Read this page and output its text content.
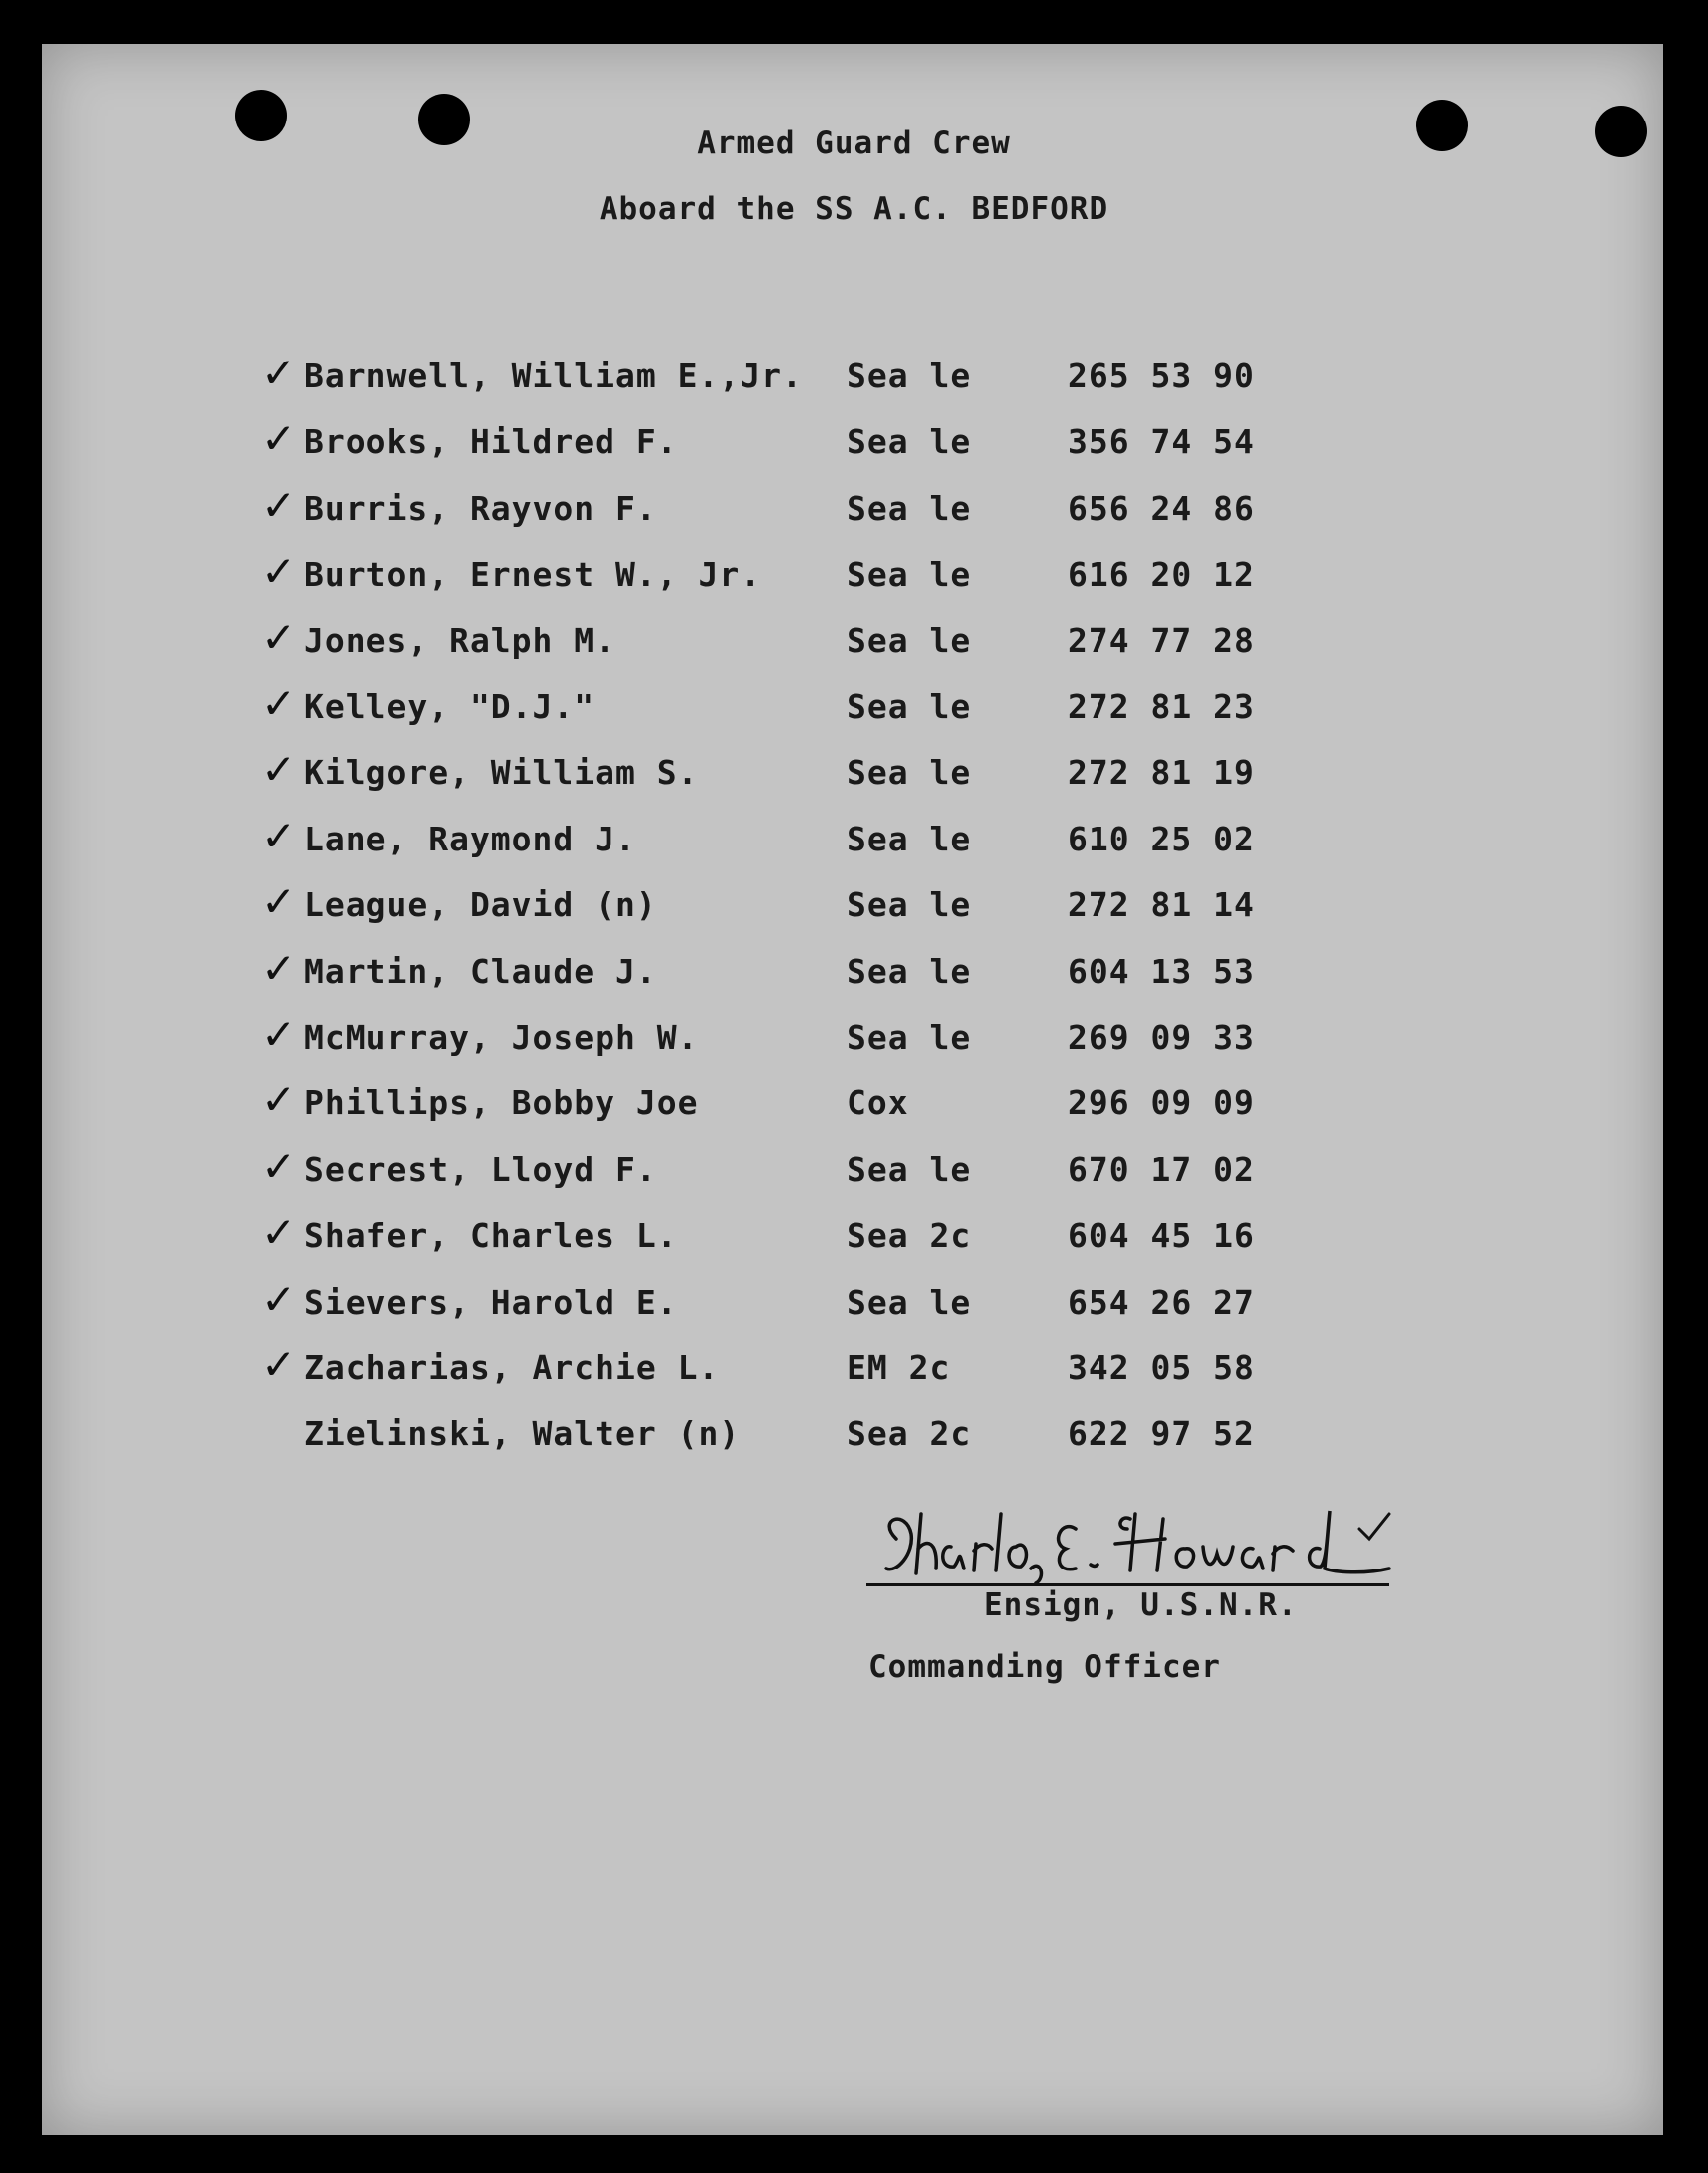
Armed Guard Crew
Aboard the SS A.C. BEDFORD
✓ Barnwell, William E.,Jr. Sea le	265 53 90
✓ Brooks, Hildred F.	Sea le	356 74 54
✓ Burris, Rayvon F.	Sea le	656 24 86
✓ Burton, Ernest W., Jr.	Sea le	616 20 12
✓ Jones, Ralph M.	Sea le	274 77 28
✓ Kelley, "D.J."	Sea le	272 81 23
✓ Kilgore, William S.	Sea le	272 81 19
✓ Lane, Raymond J.	Sea le	610 25 02
✓ League, David (n)	Sea le	272 81 14
✓ Martin, Claude J.	Sea le	604 13 53
✓ McMurray, Joseph W.	Sea le	269 09 33
✓ Phillips, Bobby Joe	Cox	296 09 09
✓ Secrest, Lloyd F.	Sea le	670 17 02
✓ Shafer, Charles L.	Sea 2c	604 45 16
✓ Sievers, Harold E.	Sea le	654 26 27
✓ Zacharias, Archie L.	EM 2c	342 05 58
Zielinski, Walter (n)	Sea 2c	622 97 52
Ensign, U.S.N.R.
Commanding Officer
